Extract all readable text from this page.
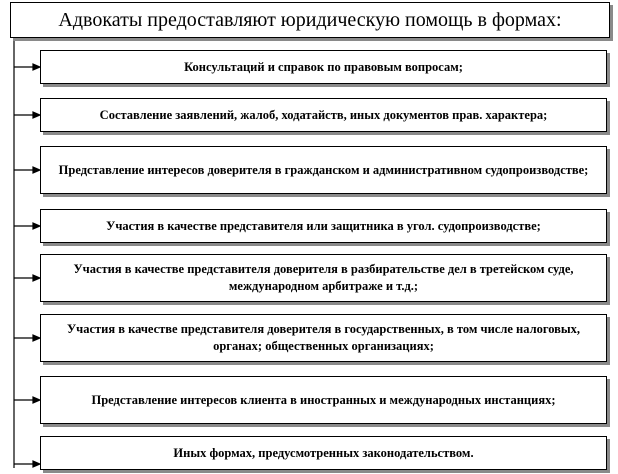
Адвокаты предоставляют юридическую помощь в формах:
Консультаций и справок по правовым вопросам;
Составление заявлений, жалоб, ходатайств, иных документов прав. характера;
Представление интересов доверителя в гражданском и административном судопроизводстве;
Участия в качестве представителя или защитника в угол. судопроизводстве;
Участия в качестве представителя доверителя в разбирательстве дел в третейском суде, международном арбитраже и т.д.;
Участия в качестве представителя доверителя в государственных, в том числе налоговых, органах; общественных организациях;
Представление интересов клиента в иностранных и международных инстанциях;
Иных формах, предусмотренных законодательством.
